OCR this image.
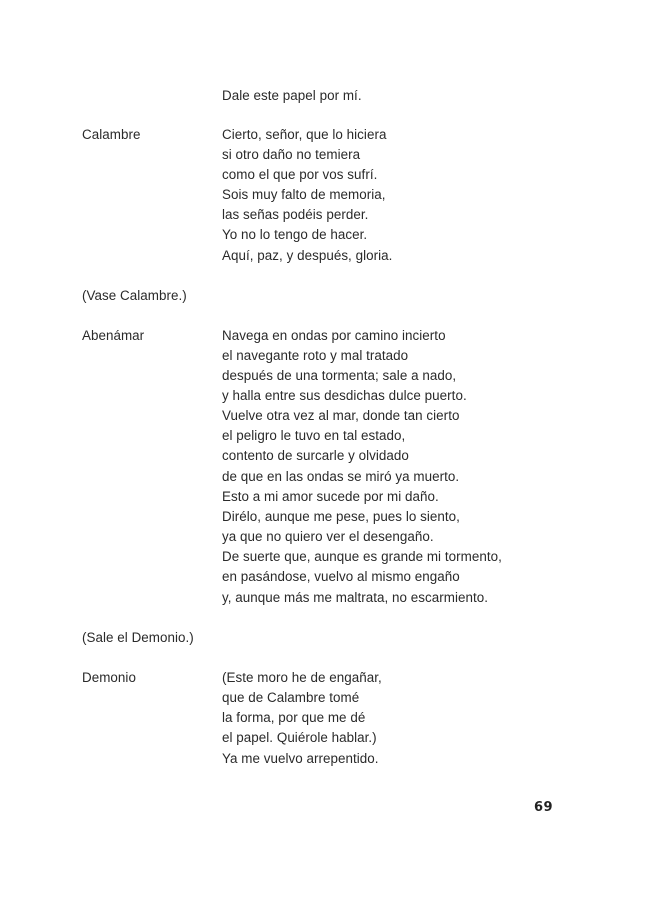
Dale este papel por mí.
Calambre	Cierto, señor, que lo hiciera
si otro daño no temiera
como el que por vos sufrí.
Sois muy falto de memoria,
las señas podéis perder.
Yo no lo tengo de hacer.
Aquí, paz, y después, gloria.
(Vase Calambre.)
Abenámar	Navega en ondas por camino incierto
el navegante roto y mal tratado
después de una tormenta; sale a nado,
y halla entre sus desdichas dulce puerto.
Vuelve otra vez al mar, donde tan cierto
el peligro le tuvo en tal estado,
contento de surcarle y olvidado
de que en las ondas se miró ya muerto.
Esto a mi amor sucede por mi daño.
Dirélo, aunque me pese, pues lo siento,
ya que no quiero ver el desengaño.
De suerte que, aunque es grande mi tormento,
en pasándose, vuelvo al mismo engaño
y, aunque más me maltrata, no escarmiento.
(Sale el Demonio.)
Demonio	(Este moro he de engañar,
que de Calambre tomé
la forma, por que me dé
el papel. Quiérole hablar.)
Ya me vuelvo arrepentido.
69
